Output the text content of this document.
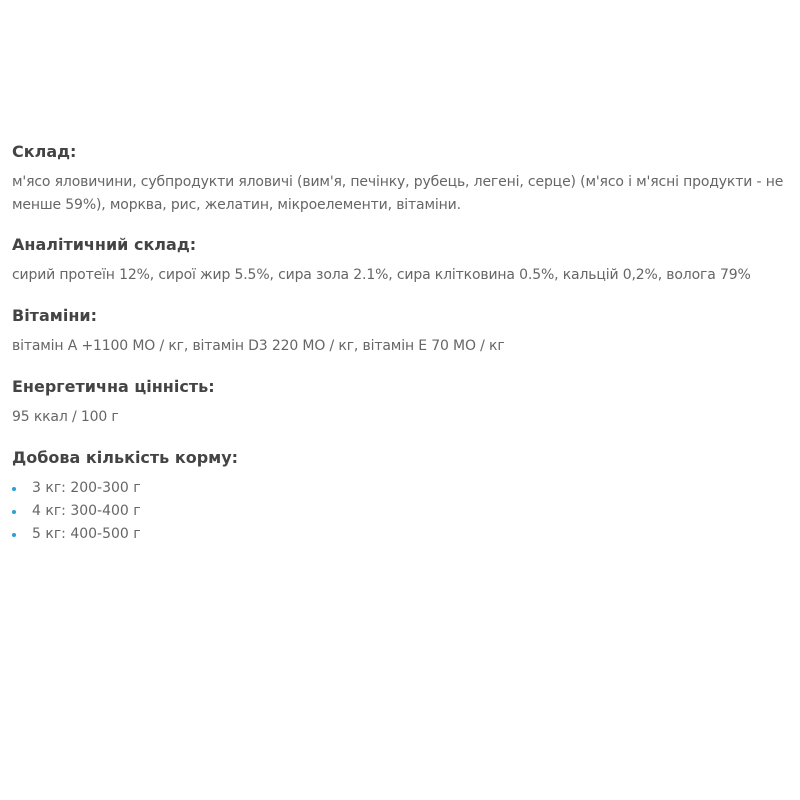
Склад:

м'ясо яловичини, субпродукти яловичі (вим'я, печінку, рубець, легені, серце) (м'ясо і м'ясні продукти - не менше 59%), морква, рис, желатин, мікроелементи, вітаміни.

Аналітичний склад:

сирий протеїн 12%, сирої жир 5.5%, сира зола 2.1%, сира клітковина 0.5%, кальцій 0,2%, волога 79%

Вітаміни:

вітамін A +1100 МО / кг, вітамін D3 220 МО / кг, вітамін E 70 МО / кг

Енергетична цінність:

95 ккал / 100 г

Добова кількість корму:
3 кг: 200-300 г
4 кг: 300-400 г
5 кг: 400-500 г
